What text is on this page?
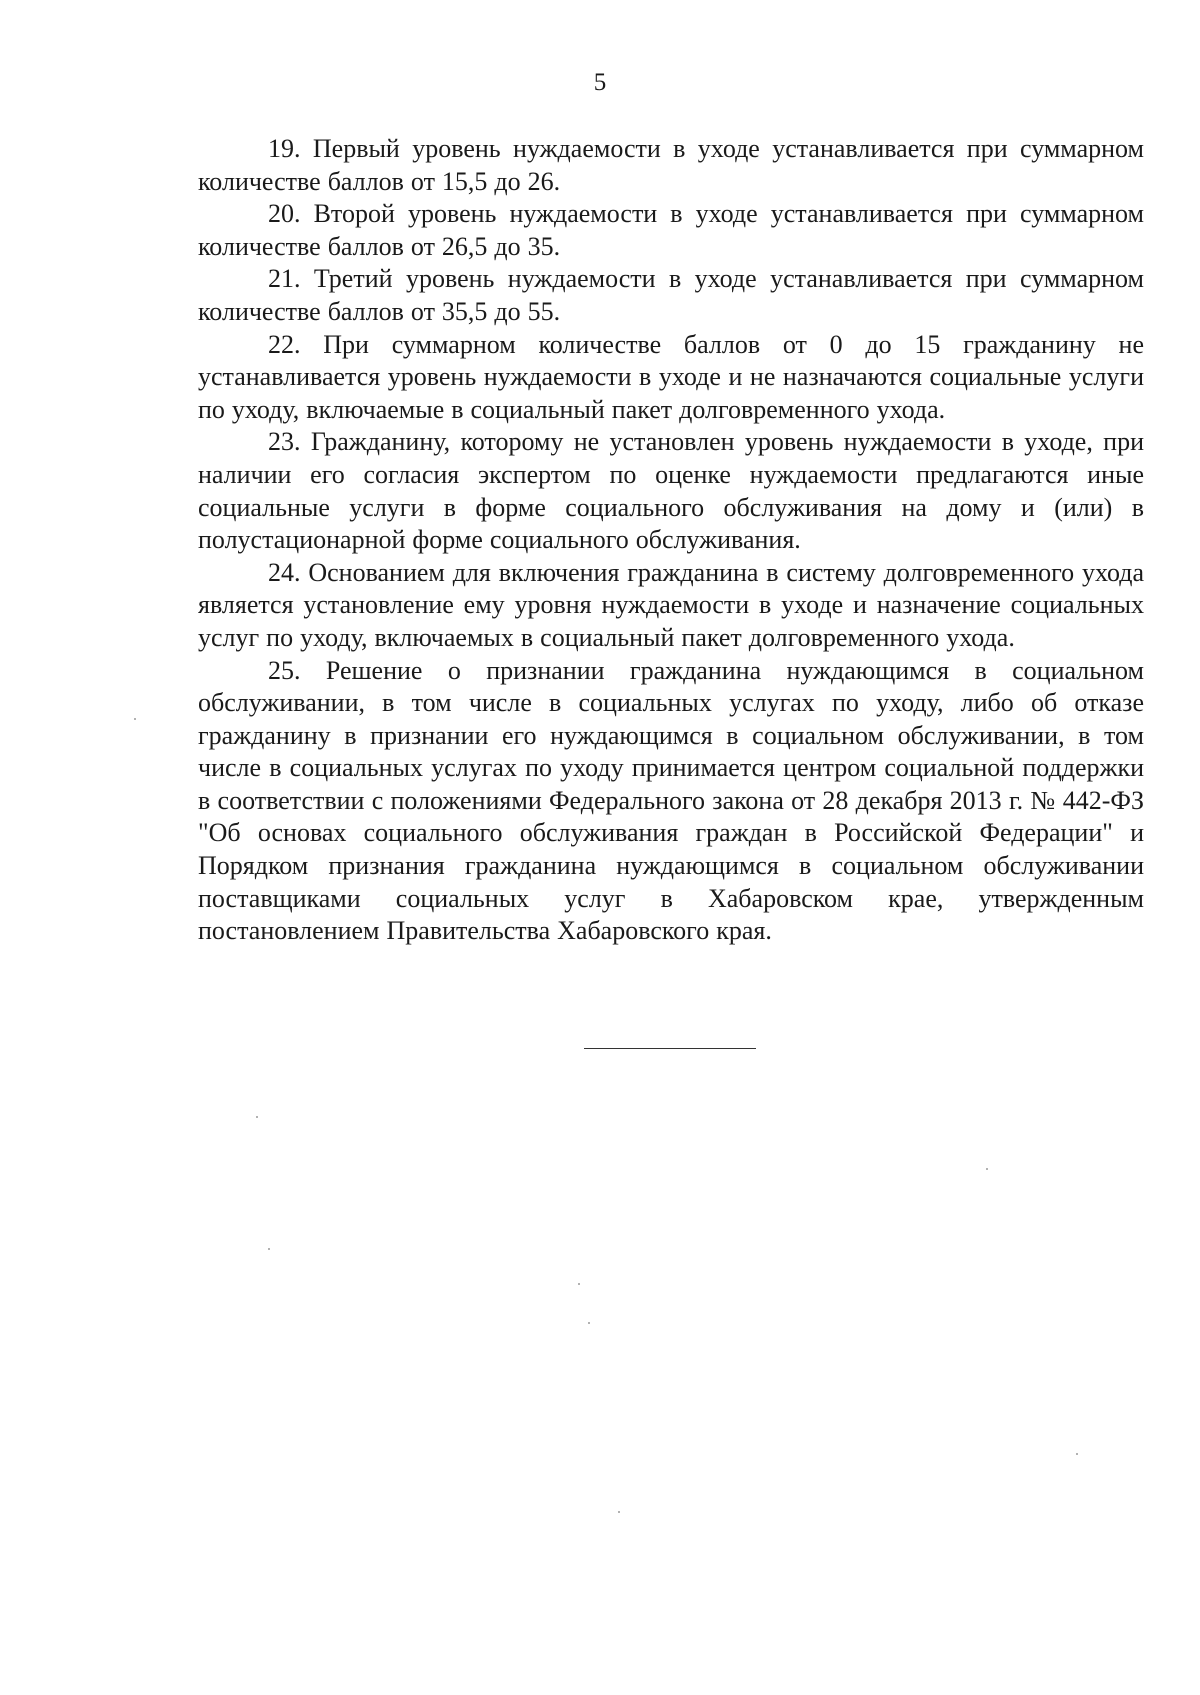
5

19. Первый уровень нуждаемости в уходе устанавливается при суммарном количестве баллов от 15,5 до 26.

20. Второй уровень нуждаемости в уходе устанавливается при суммарном количестве баллов от 26,5 до 35.

21. Третий уровень нуждаемости в уходе устанавливается при суммарном количестве баллов от 35,5 до 55.

22. При суммарном количестве баллов от 0 до 15 гражданину не устанавливается уровень нуждаемости в уходе и не назначаются социальные услуги по уходу, включаемые в социальный пакет долговременного ухода.

23. Гражданину, которому не установлен уровень нуждаемости в уходе, при наличии его согласия экспертом по оценке нуждаемости предлагаются иные социальные услуги в форме социального обслуживания на дому и (или) в полустационарной форме социального обслуживания.

24. Основанием для включения гражданина в систему долговременного ухода является установление ему уровня нуждаемости в уходе и назначение социальных услуг по уходу, включаемых в социальный пакет долговременного ухода.

25. Решение о признании гражданина нуждающимся в социальном обслуживании, в том числе в социальных услугах по уходу, либо об отказе гражданину в признании его нуждающимся в социальном обслуживании, в том числе в социальных услугах по уходу принимается центром социальной поддержки в соответствии с положениями Федерального закона от 28 декабря 2013 г. № 442-ФЗ "Об основах социального обслуживания граждан в Российской Федерации" и Порядком признания гражданина нуждающимся в социальном обслуживании поставщиками социальных услуг в Хабаровском крае, утвержденным постановлением Правительства Хабаровского края.
